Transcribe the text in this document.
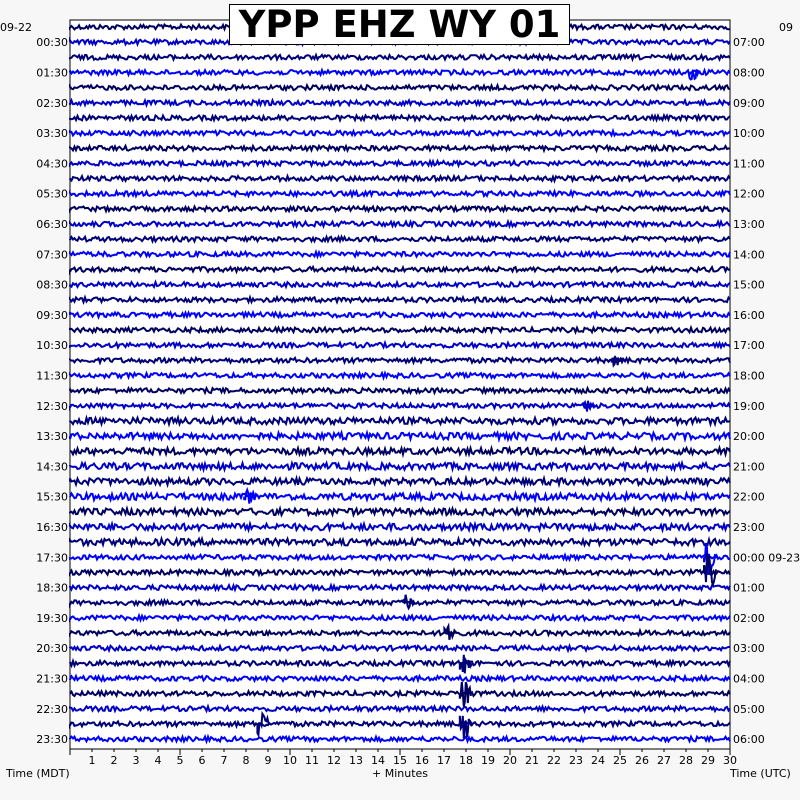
00:30
01:30
02:30
03:30
04:30
05:30
06:30
07:30
08:30
09:30
10:30
11:30
12:30
13:30
14:30
15:30
16:30
17:30
18:30
19:30
20:30
21:30
22:30
23:30
07:00
08:00
09:00
10:00
11:00
12:00
13:00
14:00
15:00
16:00
17:00
18:00
19:00
20:00
21:00
22:00
23:00
00:00 09-23
01:00
02:00
03:00
04:00
05:00
06:00
1 2 3 4 5 6 7 8 9 10 11 12 13 14 15 16 17 18 19 20 21 22 23 24 25 26 27 28 29 30
09-22	09
Time (MDT)	+ Minutes	Time (UTC)
YPP EHZ WY 01
